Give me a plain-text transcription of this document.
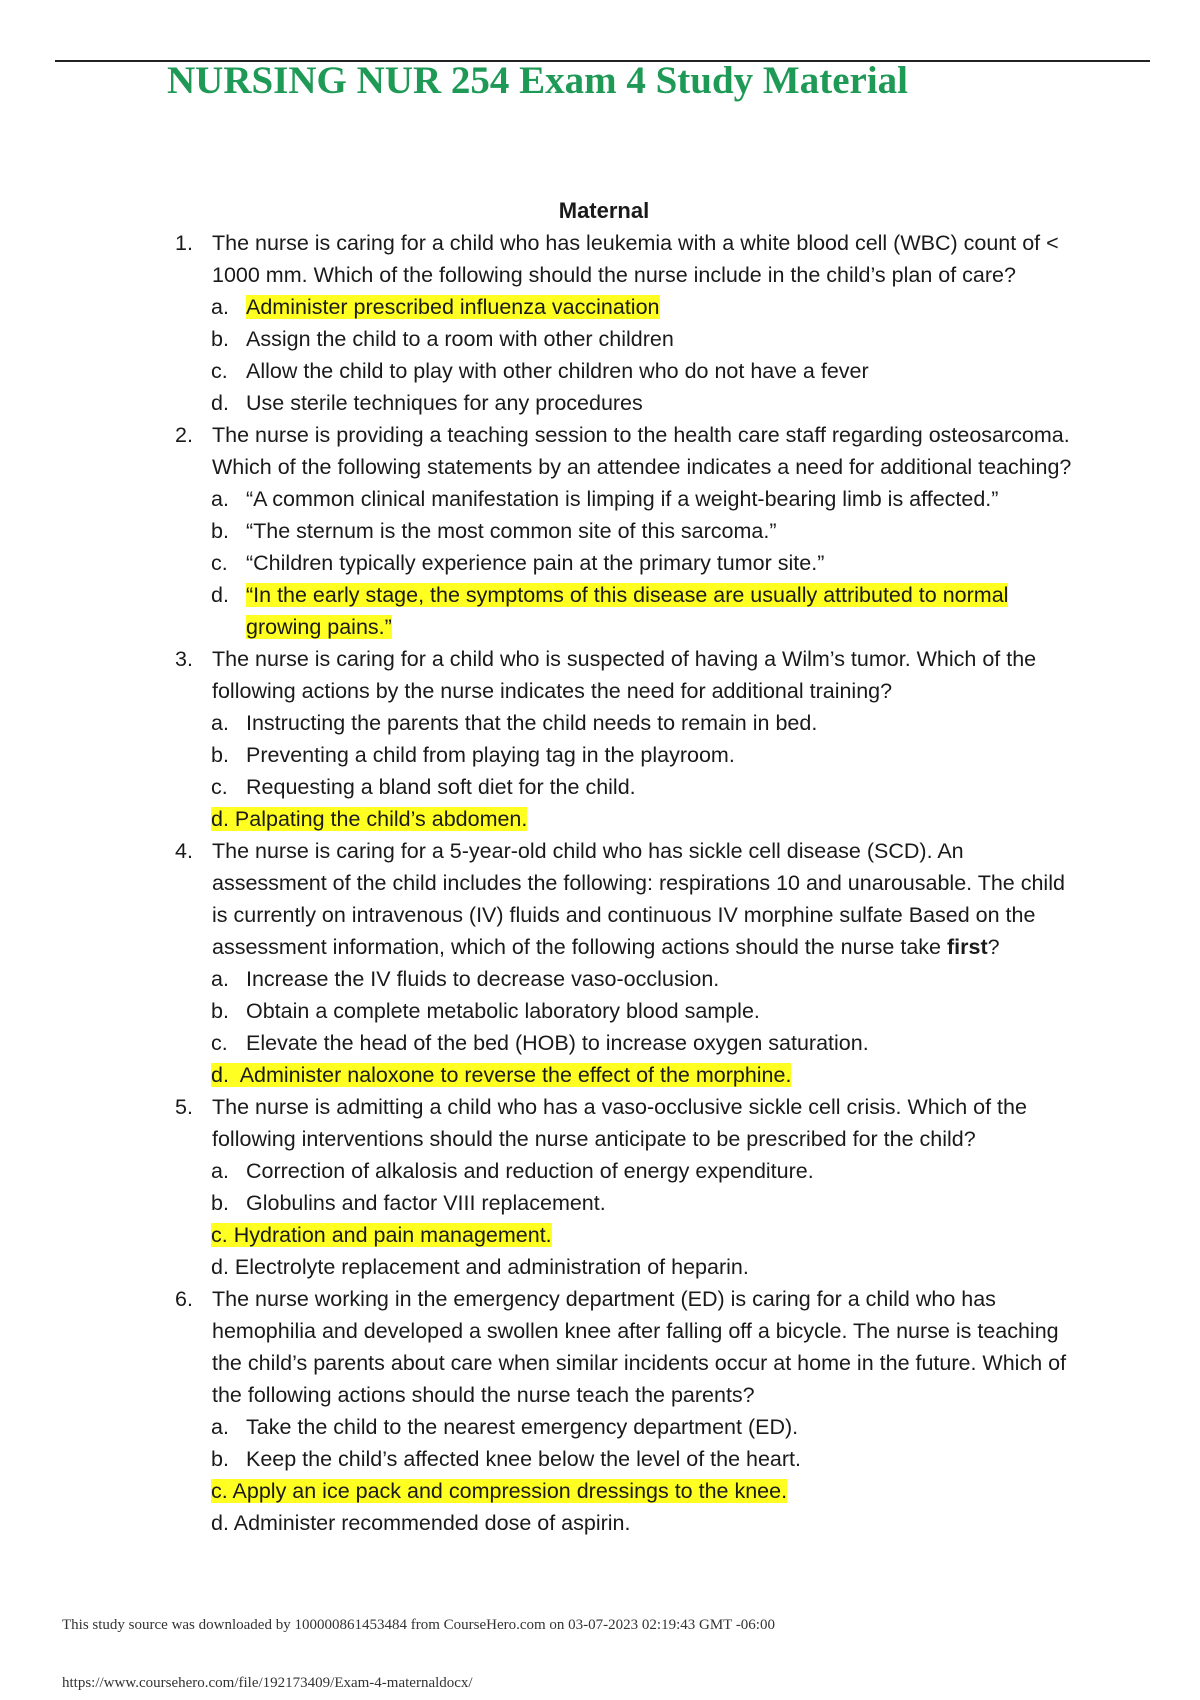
NURSING NUR 254 Exam 4 Study Material
Maternal
1. The nurse is caring for a child who has leukemia with a white blood cell (WBC) count of < 1000 mm. Which of the following should the nurse include in the child’s plan of care?
a. Administer prescribed influenza vaccination
b. Assign the child to a room with other children
c. Allow the child to play with other children who do not have a fever
d. Use sterile techniques for any procedures
2. The nurse is providing a teaching session to the health care staff regarding osteosarcoma. Which of the following statements by an attendee indicates a need for additional teaching?
a. “A common clinical manifestation is limping if a weight-bearing limb is affected.”
b. “The sternum is the most common site of this sarcoma.”
c. “Children typically experience pain at the primary tumor site.”
d. “In the early stage, the symptoms of this disease are usually attributed to normal growing pains.”
3. The nurse is caring for a child who is suspected of having a Wilm’s tumor. Which of the following actions by the nurse indicates the need for additional training?
a. Instructing the parents that the child needs to remain in bed.
b. Preventing a child from playing tag in the playroom.
c. Requesting a bland soft diet for the child.
d. Palpating the child’s abdomen.
4. The nurse is caring for a 5-year-old child who has sickle cell disease (SCD). An assessment of the child includes the following: respirations 10 and unarousable. The child is currently on intravenous (IV) fluids and continuous IV morphine sulfate Based on the assessment information, which of the following actions should the nurse take first?
a. Increase the IV fluids to decrease vaso-occlusion.
b. Obtain a complete metabolic laboratory blood sample.
c. Elevate the head of the bed (HOB) to increase oxygen saturation.
d. Administer naloxone to reverse the effect of the morphine.
5. The nurse is admitting a child who has a vaso-occlusive sickle cell crisis. Which of the following interventions should the nurse anticipate to be prescribed for the child?
a. Correction of alkalosis and reduction of energy expenditure.
b. Globulins and factor VIII replacement.
c. Hydration and pain management.
d. Electrolyte replacement and administration of heparin.
6. The nurse working in the emergency department (ED) is caring for a child who has hemophilia and developed a swollen knee after falling off a bicycle. The nurse is teaching the child’s parents about care when similar incidents occur at home in the future. Which of the following actions should the nurse teach the parents?
a. Take the child to the nearest emergency department (ED).
b. Keep the child’s affected knee below the level of the heart.
c. Apply an ice pack and compression dressings to the knee.
d. Administer recommended dose of aspirin.
This study source was downloaded by 100000861453484 from CourseHero.com on 03-07-2023 02:19:43 GMT -06:00
https://www.coursehero.com/file/192173409/Exam-4-maternaldocx/
